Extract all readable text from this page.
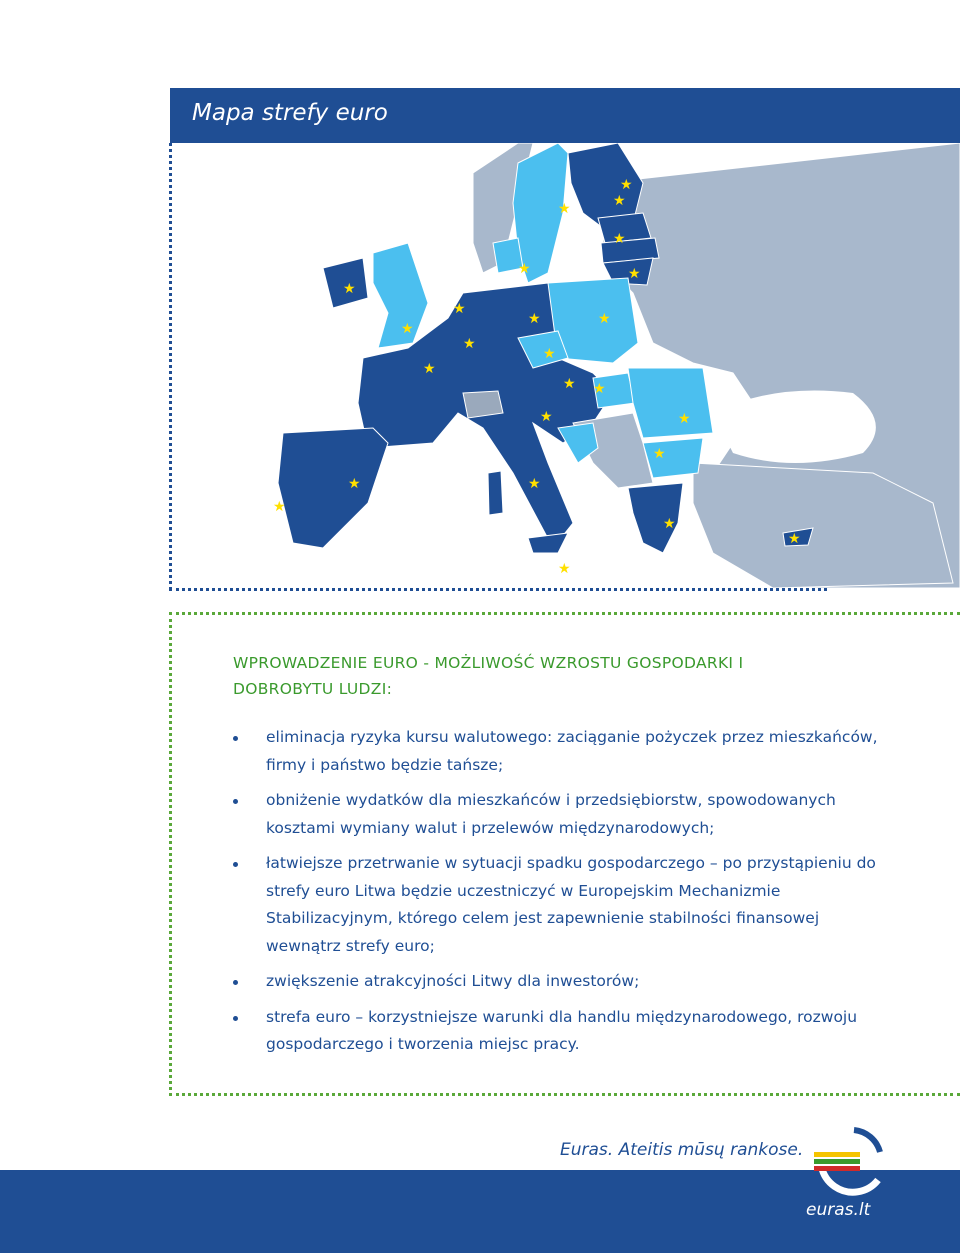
Mapa strefy euro
★
★	★
★
★
★
★
★
★
★
★
★
★
★
★ ★
★
★
★
★
★
★
★
★
★
WPROWADZENIE EURO - MOŻLIWOŚĆ WZROSTU GOSPODARKI I DOBROBYTU LUDZI:
eliminacja ryzyka kursu walutowego: zaciąganie pożyczek przez mieszkańców, firmy i państwo będzie tańsze;
obniżenie wydatków dla mieszkańców i przedsiębiorstw, spowodowanych kosztami wymiany walut i przelewów międzynarodowych;
łatwiejsze przetrwanie w sytuacji spadku gospodarczego – po przystąpieniu do strefy euro Litwa będzie uczestniczyć w Europejskim Mechanizmie Stabilizacyjnym, którego celem jest zapewnienie stabilności finansowej wewnątrz strefy euro;
zwiększenie atrakcyjności Litwy dla inwestorów;
strefa euro – korzystniejsze warunki dla handlu międzynarodowego, rozwoju gospodarczego i tworzenia miejsc pracy.
Euras. Ateitis mūsų rankose.
euras.lt
